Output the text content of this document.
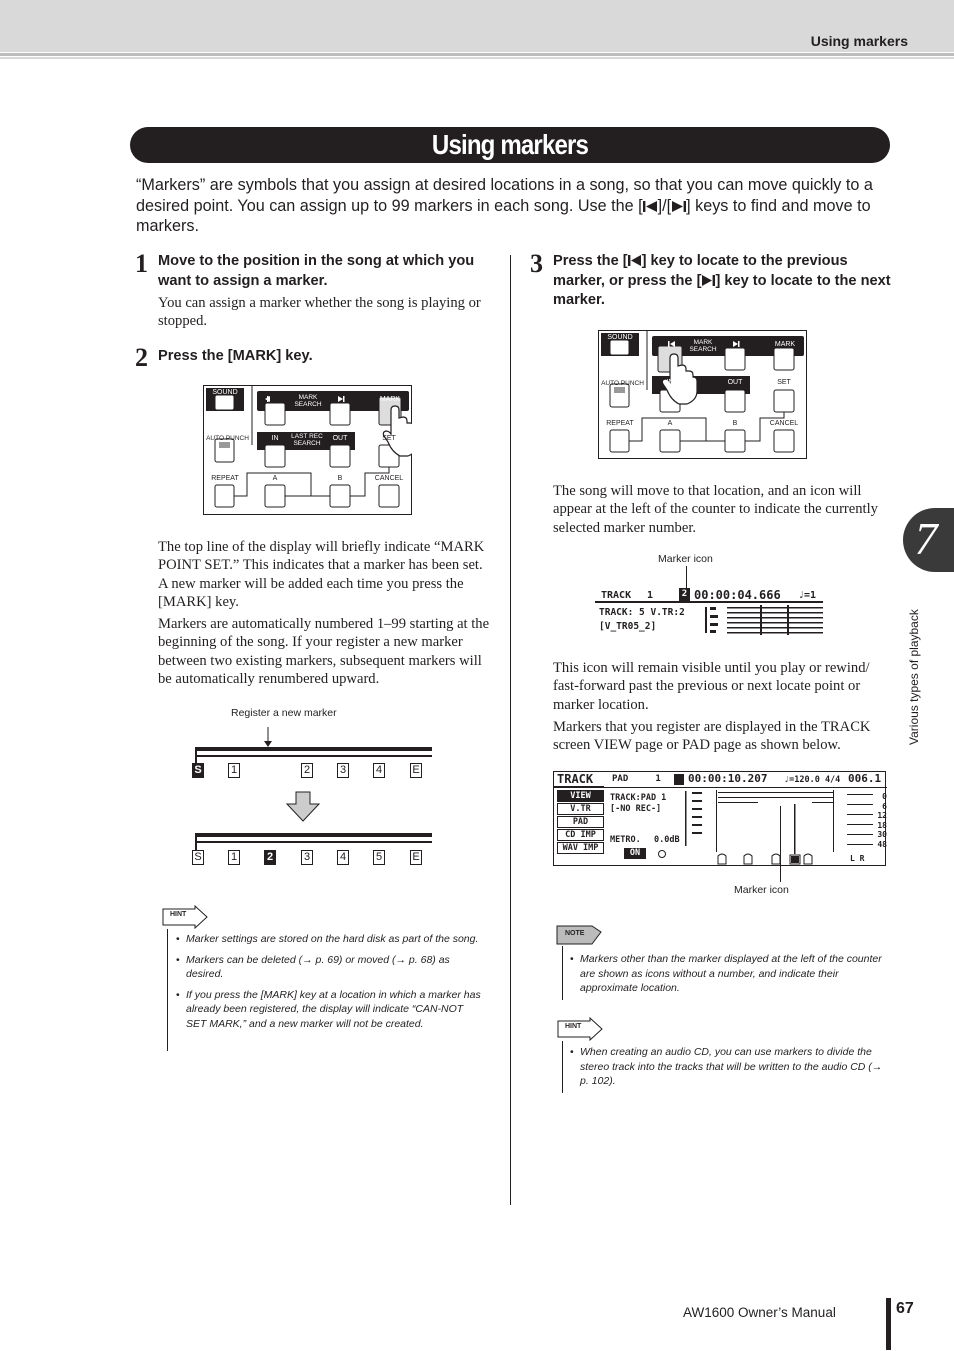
Using markers
Using markers
“Markers” are symbols that you assign at desired locations in a song, so that you can move quickly to a desired point. You can assign up to 99 markers in each song. Use the [ ]/[ ] keys to find and move to markers.
1 Move to the position in the song at which you want to assign a marker.
You can assign a marker whether the song is playing or stopped.
2 Press the [MARK] key.
SOUND CLIP	MARK SEARCH
MARK
AUTO PUNCH	IN	LAST REC SEARCH
OUT	SET
REPEAT	A	B	CANCEL

The top line of the display will briefly indicate “MARK POINT SET.” This indicates that a marker has been set. A new marker will be added each time you press the [MARK] key.

Markers are automatically numbered 1–99 starting at the beginning of the song. If your register a new marker between two existing markers, subsequent markers will be automatically renumbered upward.

Register a new marker
S	1	2	3	4	E
S	1	2	3	4	5	E
HINT
• Marker settings are stored on the hard disk as part of the song.
• Markers can be deleted (→ p. 69) or moved (→ p. 68) as desired.
• If you press the [MARK] key at a location in which a marker has already been registered, the display will indicate “CAN-NOT SET MARK,” and a new marker will not be created.
3 Press the [ ] key to locate to the previous marker, or press the [ ] key to locate to the next marker.
SOUND CLIP	MARK SEARCH
MARK
AUTO PUNCH	IN	OUT	SET
REPEAT	A	B	CANCEL

The song will move to that location, and an icon will appear at the left of the counter to indicate the currently selected marker number.

Marker icon
TRACK 1	2 00:00:04.666 ♩=1
TRACK: 5 V.TR:2
[V_TR05_2]

This icon will remain visible until you play or rewind/ fast-forward past the previous or next locate point or marker location.

Markers that you register are displayed in the TRACK screen VIEW page or PAD page as shown below.

TRACK PAD     1 00:00:10.207 ♩=120.0 4/4 006.1
VIEW
V.TR
PAD
CD IMP
WAV IMP
TRACK:PAD 1
[-NO REC-]
METRO. 0.0dB
ON
0
6
12
18
30
48
L R
Marker icon
NOTE
• Markers other than the marker displayed at the left of the counter are shown as icons without a number, and indicate their approximate location.
HINT
• When creating an audio CD, you can use markers to divide the stereo track into the tracks that will be written to the audio CD (→ p. 102).
7
Various types of playback
AW1600 Owner’s Manual	67
